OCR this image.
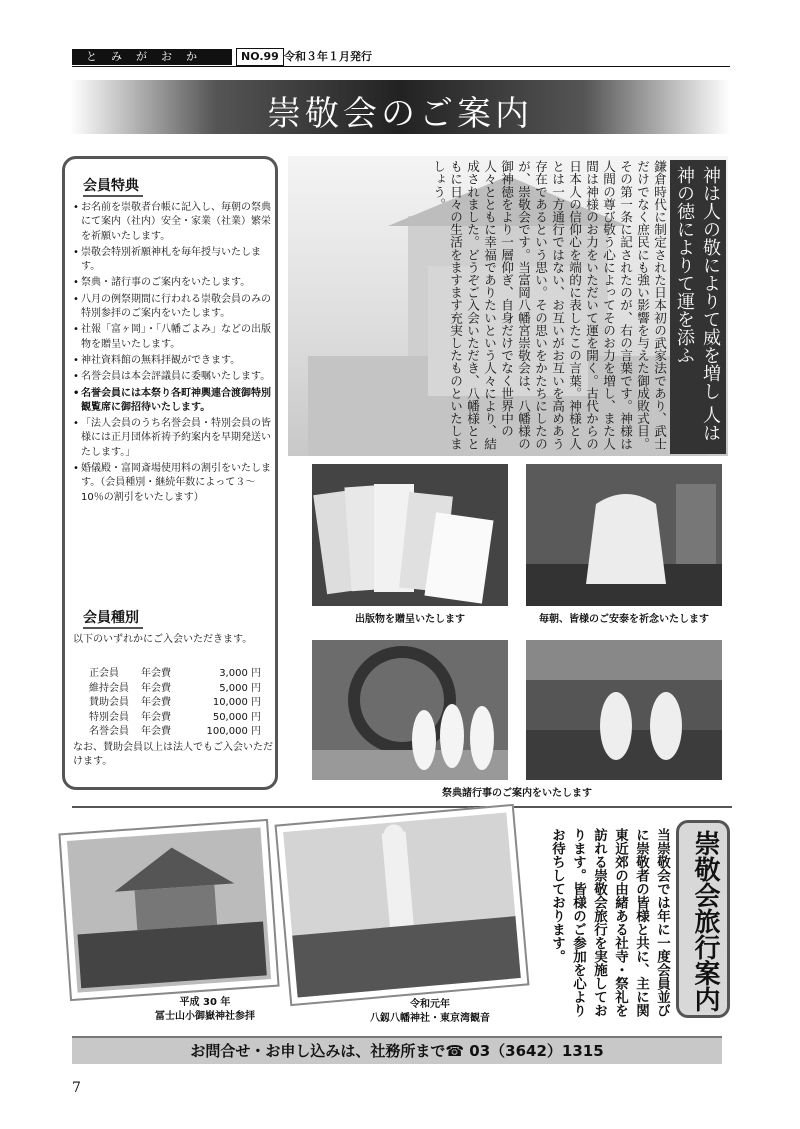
とみがおか	NO.99 令和３年１月発行
崇敬会のご案内
会員特典
• お名前を崇敬者台帳に記入し、毎朝の祭典にて案内（社内）安全・家業（社業）繁栄を祈願いたします。
• 崇敬会特別祈願神札を毎年授与いたします。
• 祭典・諸行事のご案内をいたします。
• 八月の例祭期間に行われる崇敬会員のみの特別参拝のご案内をいたします。
• 社報「富ヶ岡」・「八幡ごよみ」などの出版物を贈呈いたします。
• 神社資料館の無料拝観ができます。
• 名誉会員は本会評議員に委嘱いたします。
• 名誉会員には本祭り各町神輿連合渡御特別観覧席に御招待いたします。
• 「法人会員のうち名誉会員・特別会員の皆様には正月団体祈祷予約案内を早期発送いたします。」
• 婚儀殿・富岡斎場使用料の割引をいたします。（会員種別・継続年数によって３～10％の割引をいたします）
会員種別
以下のいずれかにご入会いただきます。
正会員	年会費	3,000 円
維持会員	年会費	5,000 円
賛助会員	年会費	10,000 円
特別会員	年会費	50,000 円
名誉会員	年会費	100,000 円
なお、賛助会員以上は法人でもご入会いただけます。
鎌倉時代に制定された日本初の武家法であり、武士だけでなく庶民にも強い影響を与えた御成敗式目。その第一条に記されたのが、右の言葉です。神様は人間の尊び敬う心によってそのお力を増し、また人間は神様のお力をいただいて運を開く。古代からの日本人の信仰心を端的に表したこの言葉。神様と人とは一方通行ではない、お互いがお互いを高めあう存在であるという思い。その思いをかたちにしたのが、崇敬会です。当富岡八幡宮崇敬会は、八幡様の御神徳をより一層仰ぎ、自身だけでなく世界中の人々とともに幸福でありたいという人々により、結成されました。どうぞご入会いただき、八幡様とともに日々の生活をますます充実したものといたしましょう。	神は人の敬によりて威を増し 人は神の徳によりて運を添ふ
出版物を贈呈いたします	毎朝、皆様のご安泰を祈念いたします
祭典諸行事のご案内をいたします
平成 30 年
冨士山小御嶽神社参拝
令和元年
八釼八幡神社・東京湾観音
当崇敬会では年に一度会員並びに崇敬者の皆様と共に、主に関東近郊の由緒ある社寺・祭礼を訪れる崇敬会旅行を実施しております。皆様のご参加を心よりお待ちしております。	崇敬会旅行案内
お問合せ・お申し込みは、社務所まで☎ 03（3642）1315
7
